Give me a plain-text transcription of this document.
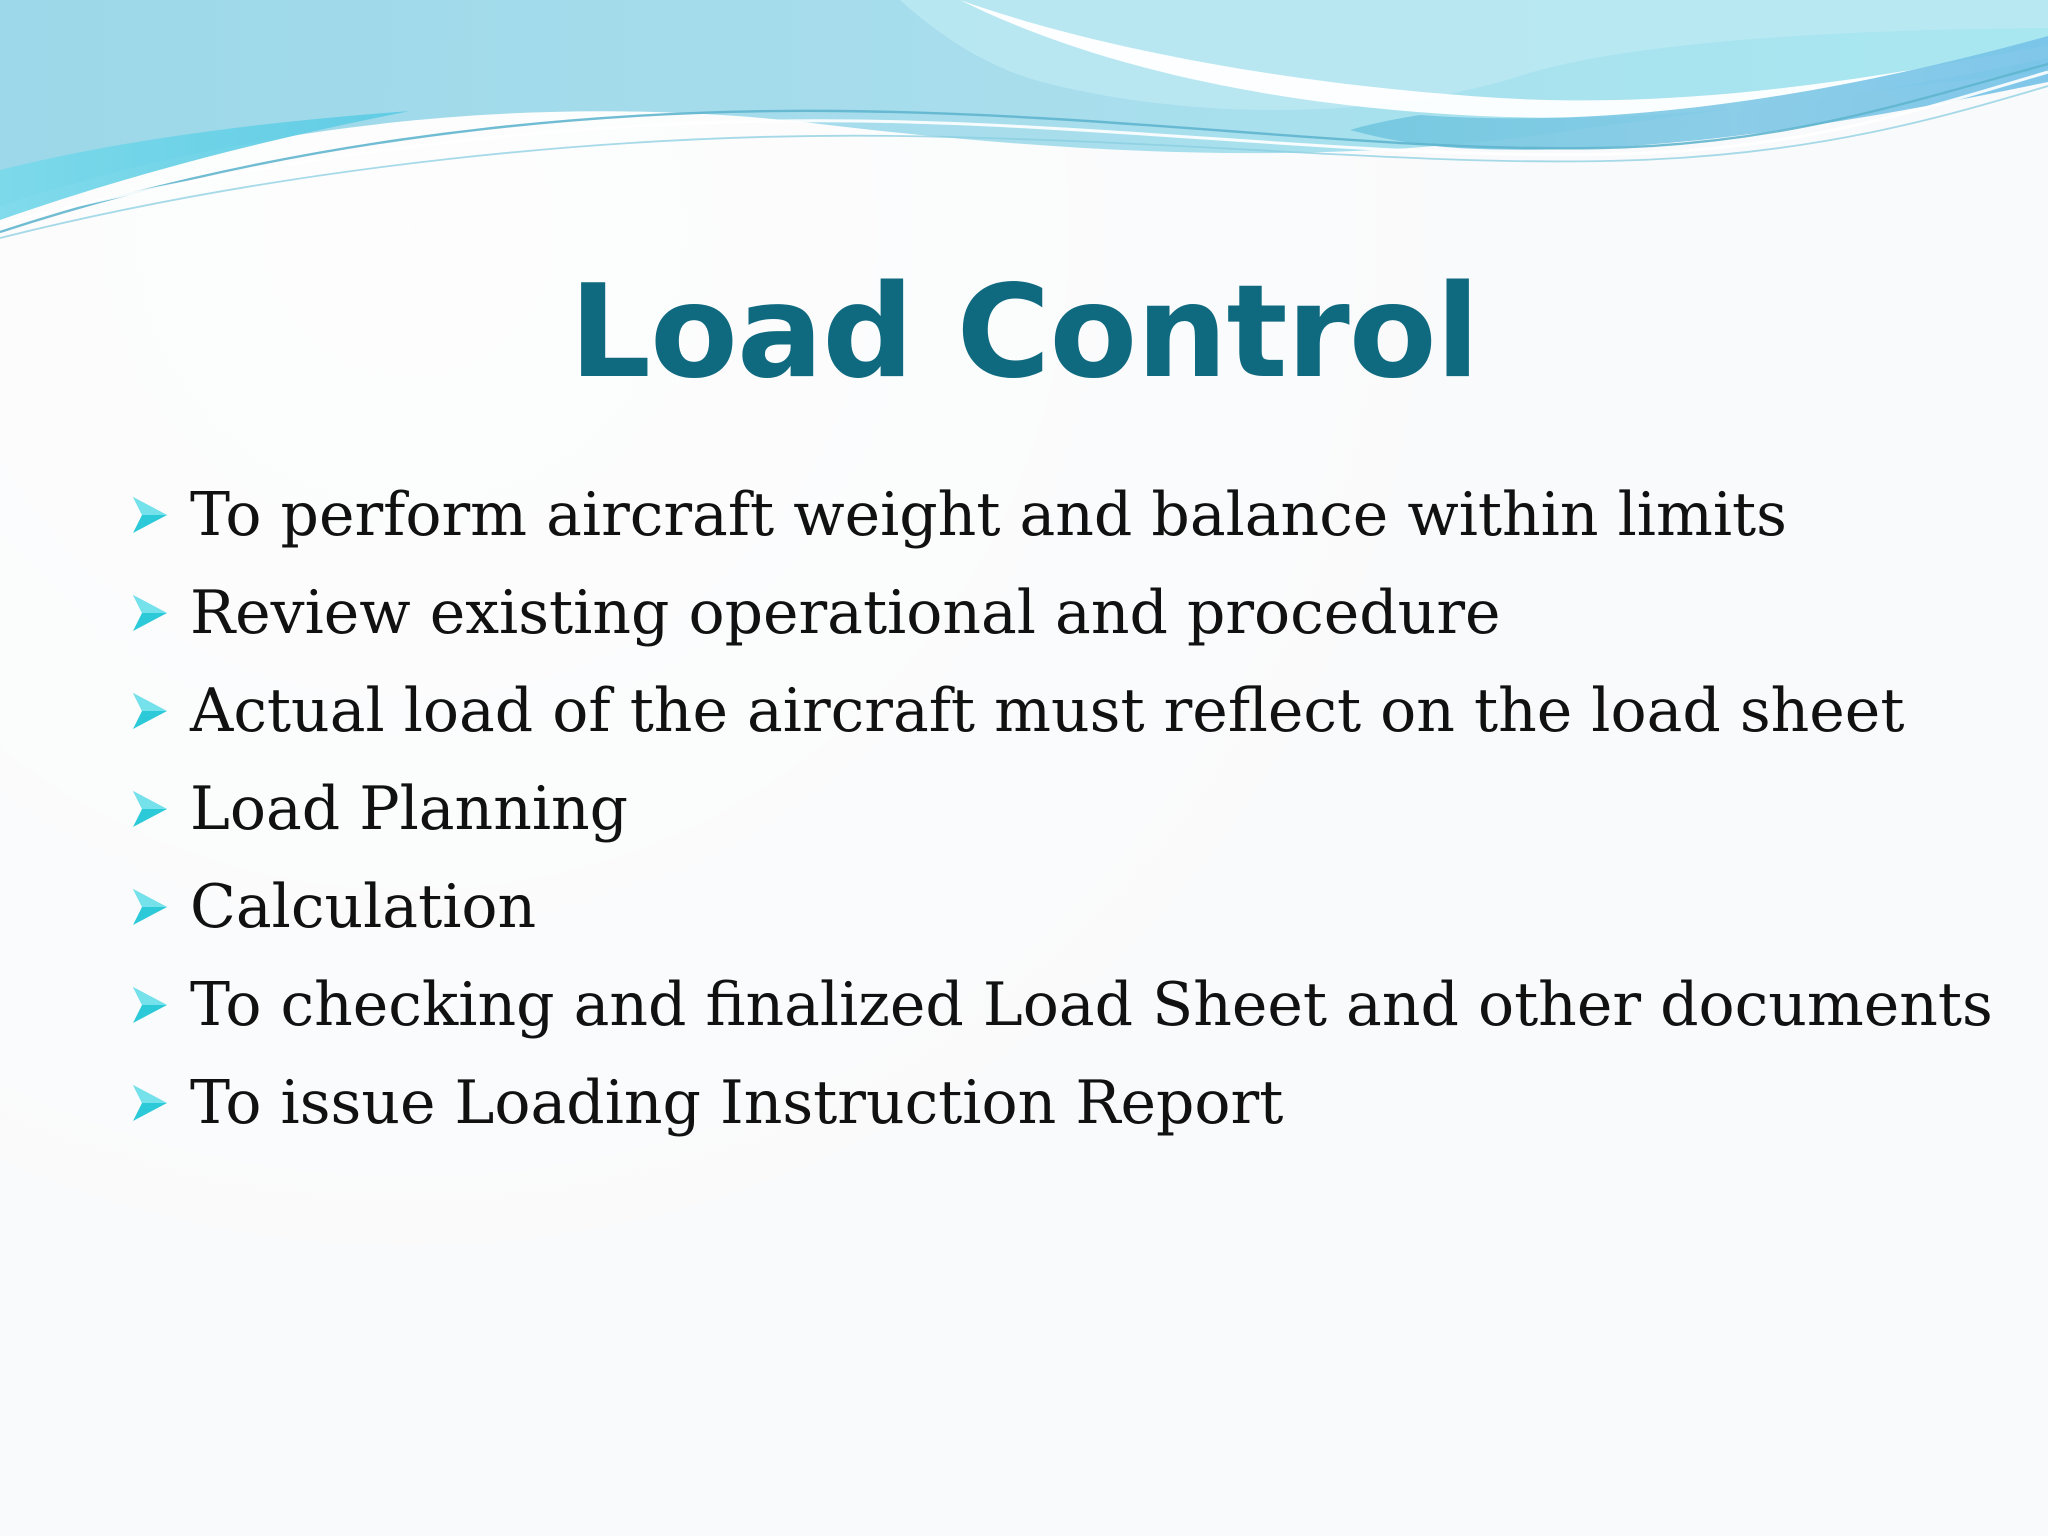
Load Control
To perform aircraft weight and balance within limits
Review existing operational and procedure
Actual load of the aircraft must reflect on the load sheet
Load Planning
Calculation
To checking and finalized Load Sheet and other documents
To issue Loading Instruction Report
